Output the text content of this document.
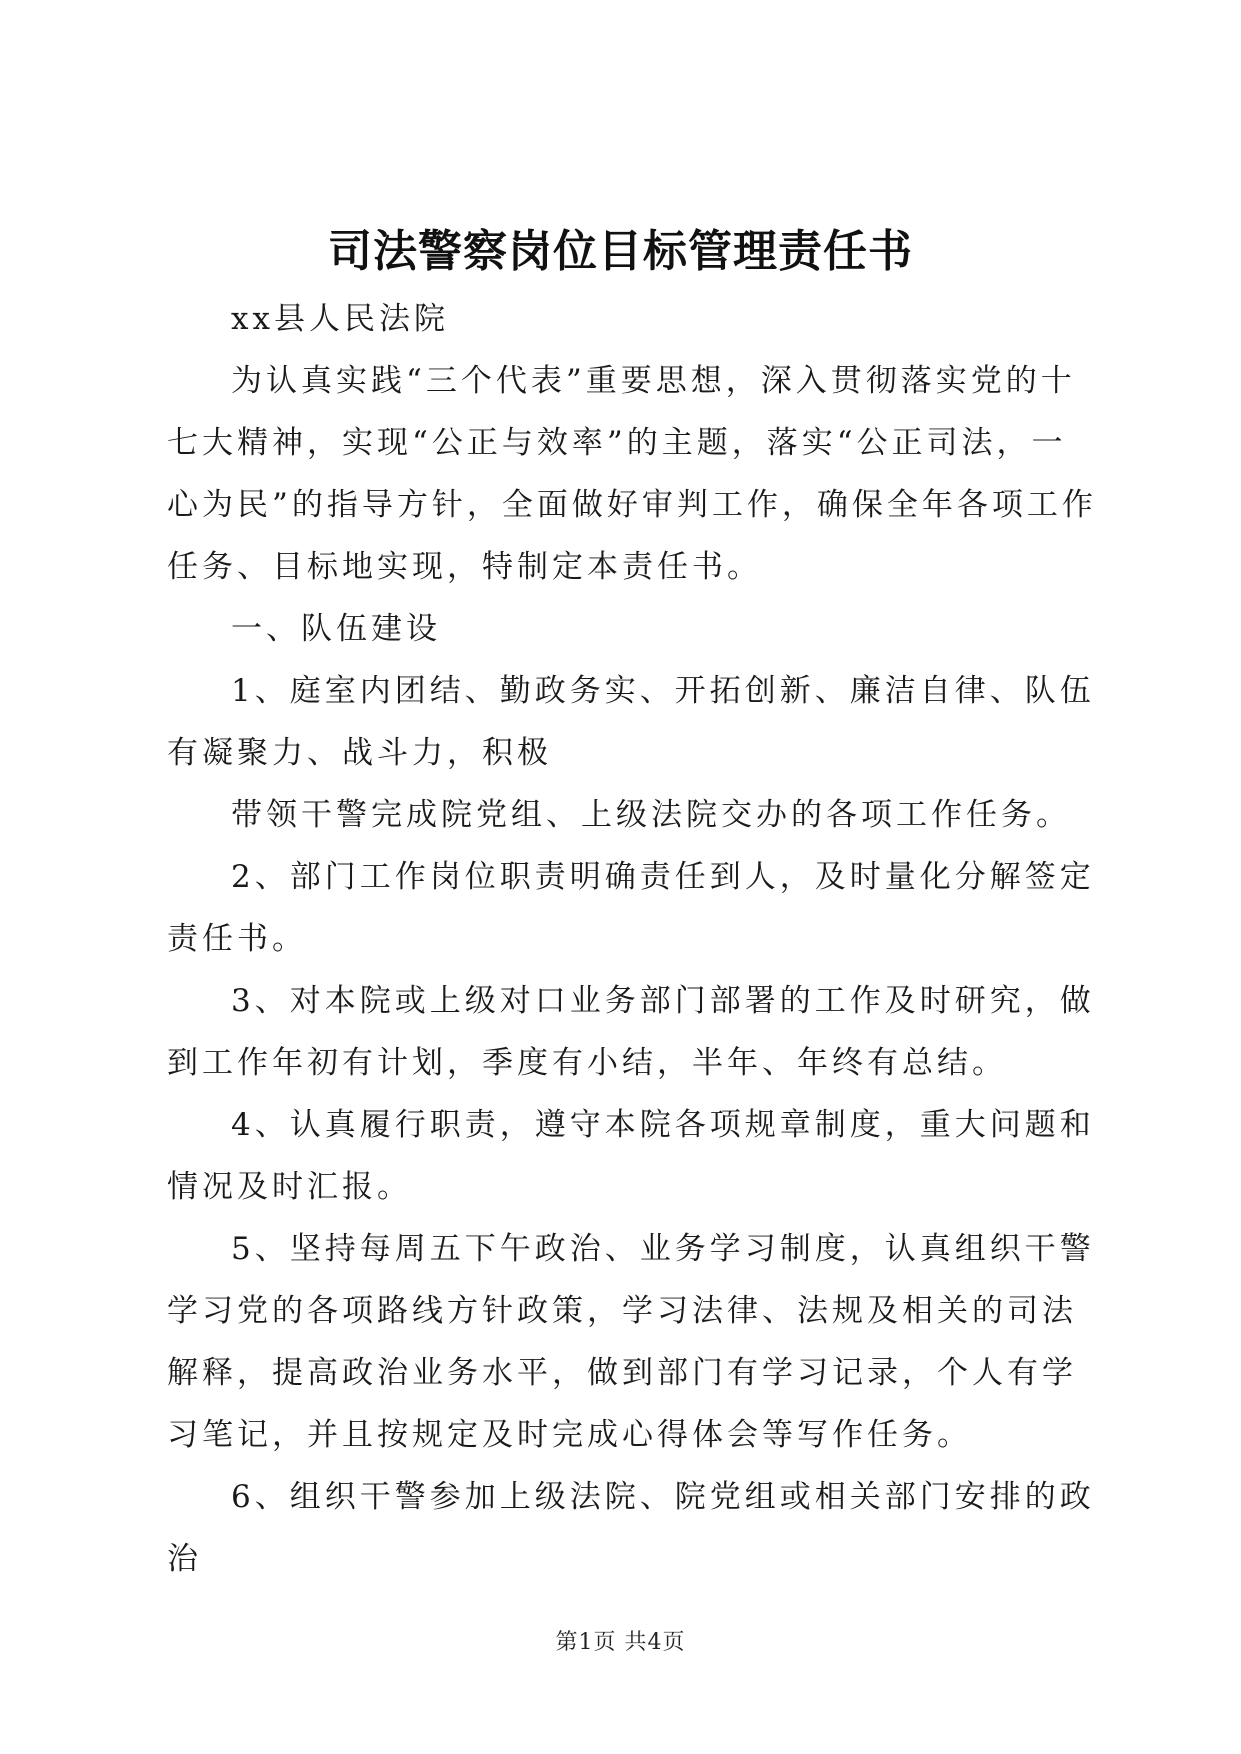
司法警察岗位目标管理责任书

xx县人民法院

为认真实践“三个代表”重要思想，深入贯彻落实党的十七大精神，实现“公正与效率”的主题，落实“公正司法，一心为民”的指导方针，全面做好审判工作，确保全年各项工作任务、目标地实现，特制定本责任书。

一、队伍建设

1、庭室内团结、勤政务实、开拓创新、廉洁自律、队伍有凝聚力、战斗力，积极

带领干警完成院党组、上级法院交办的各项工作任务。

2、部门工作岗位职责明确责任到人，及时量化分解签定责任书。

3、对本院或上级对口业务部门部署的工作及时研究，做到工作年初有计划，季度有小结，半年、年终有总结。

4、认真履行职责，遵守本院各项规章制度，重大问题和情况及时汇报。

5、坚持每周五下午政治、业务学习制度，认真组织干警学习党的各项路线方针政策，学习法律、法规及相关的司法解释，提高政治业务水平，做到部门有学习记录，个人有学习笔记，并且按规定及时完成心得体会等写作任务。

6、组织干警参加上级法院、院党组或相关部门安排的政治

第1页 共4页
